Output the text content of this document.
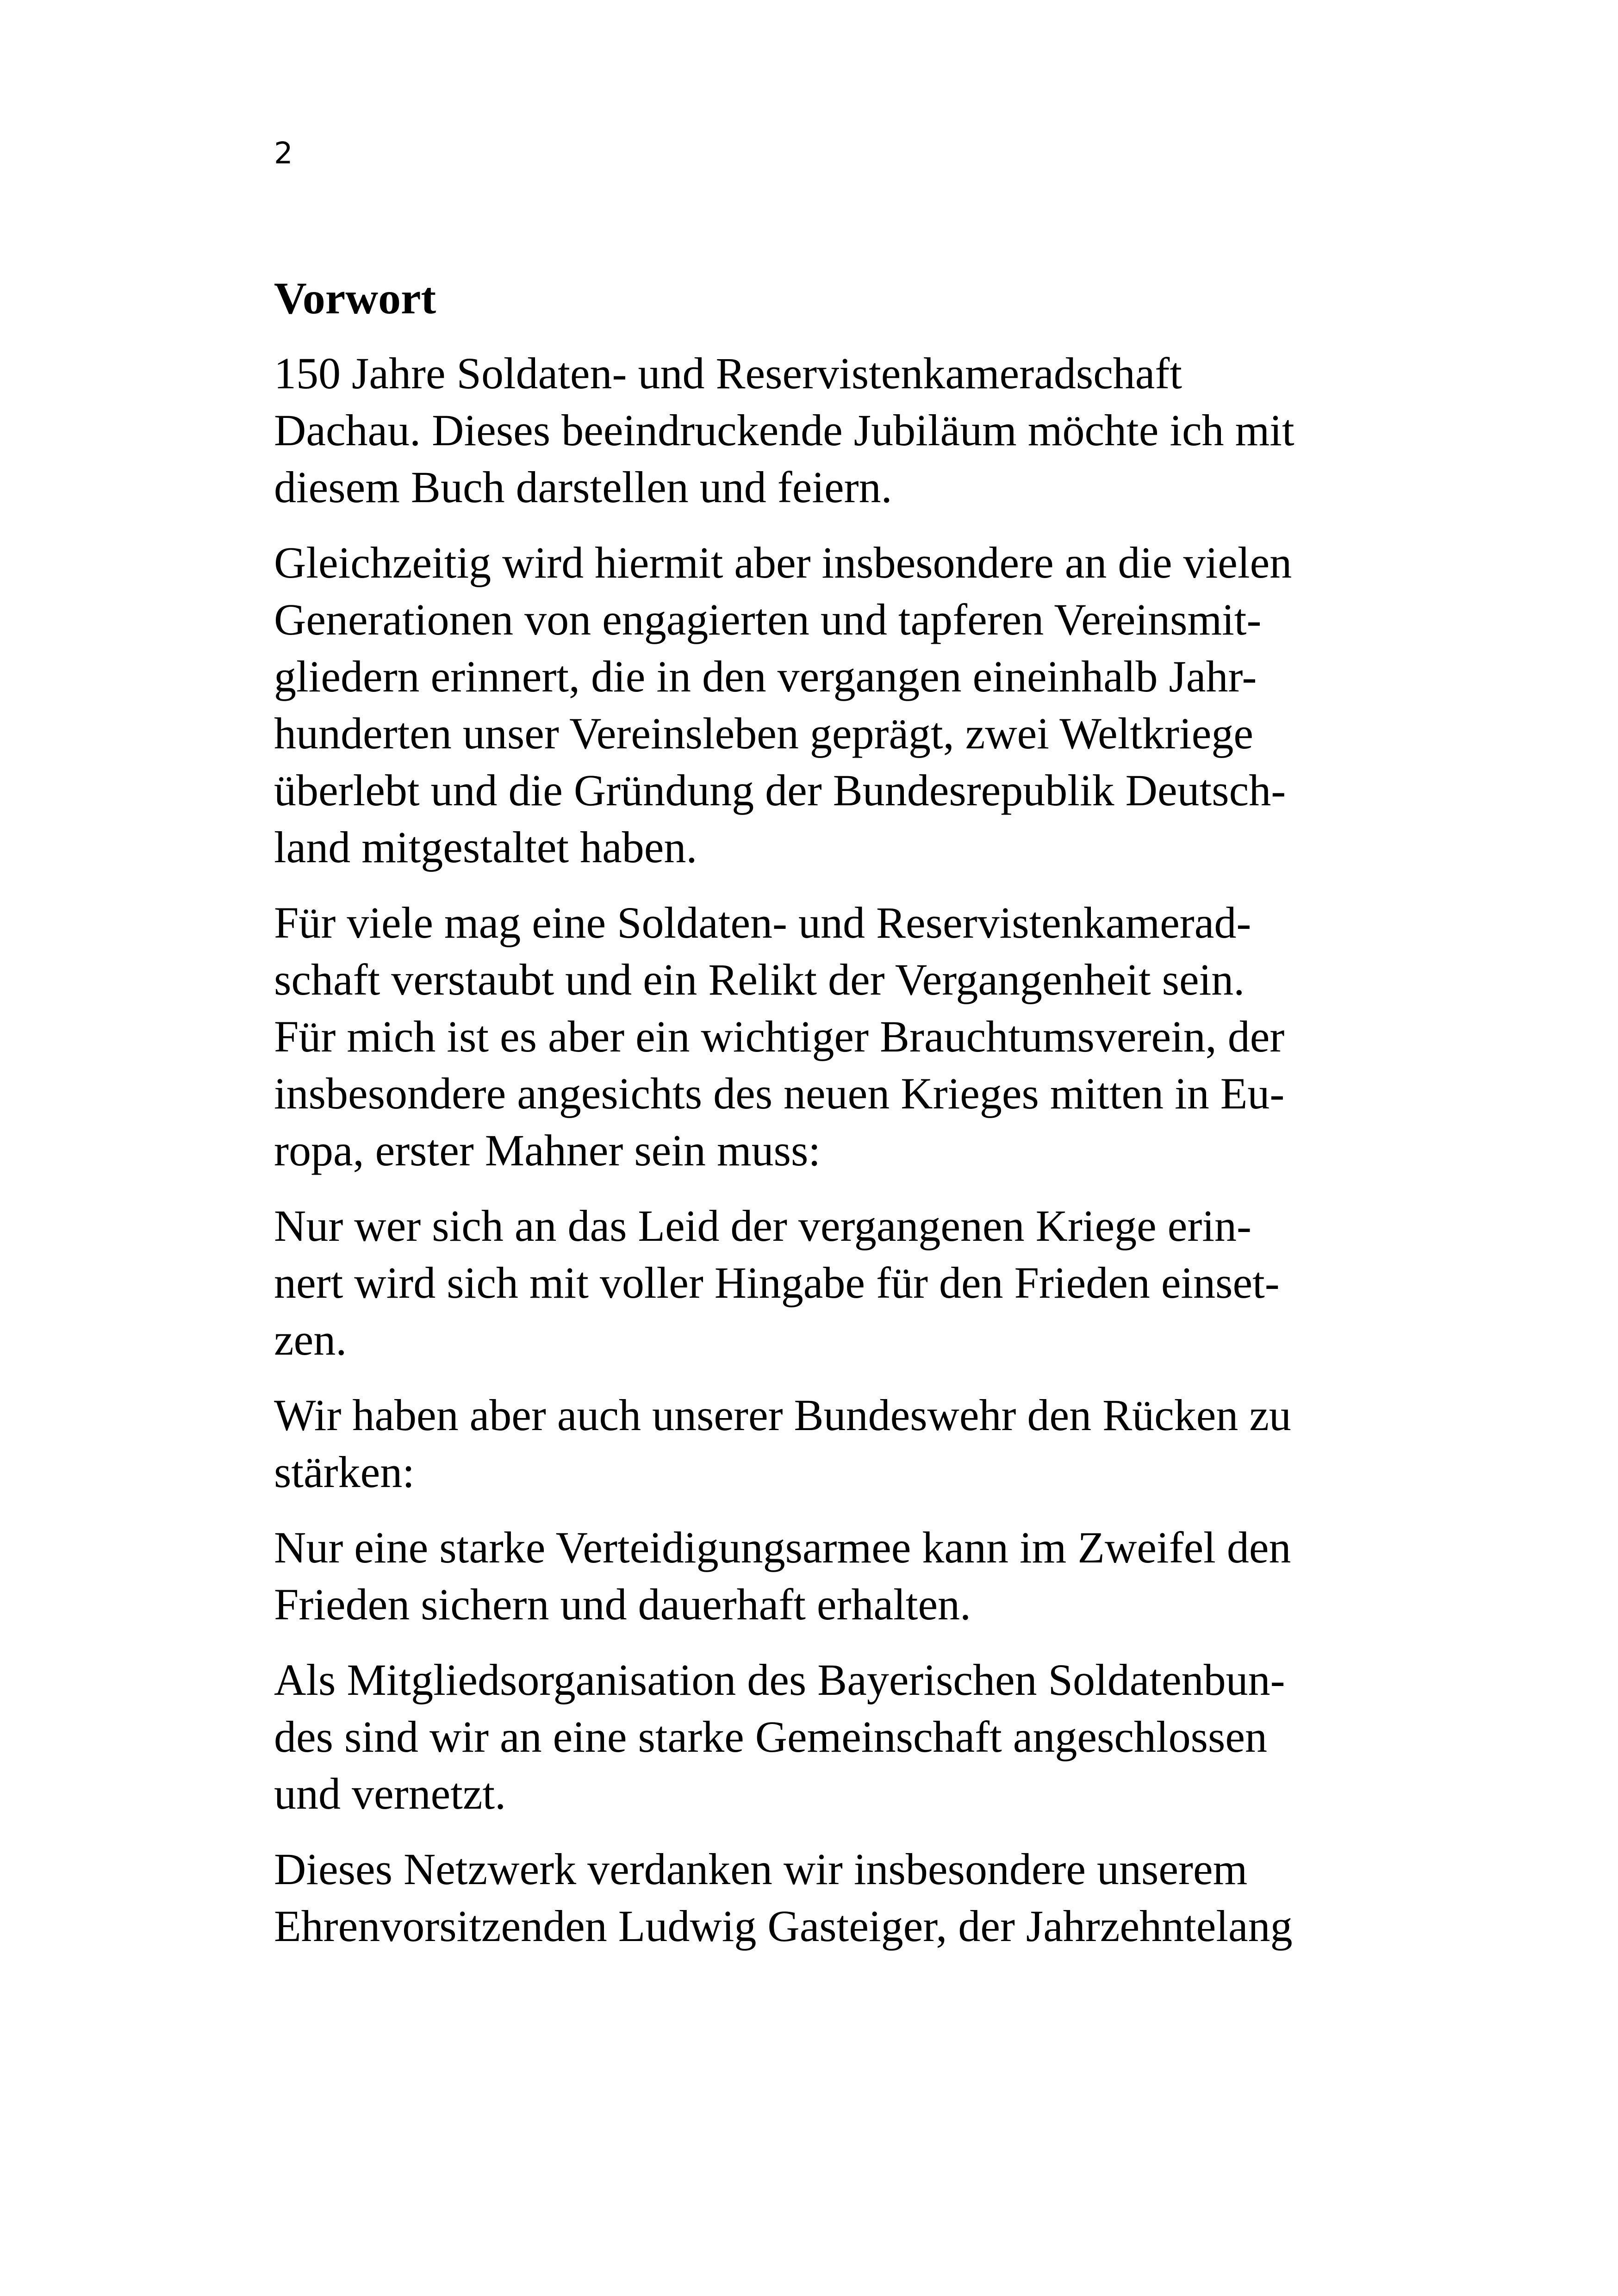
2
Vorwort
150 Jahre Soldaten- und Reservistenkameradschaft
Dachau. Dieses beeindruckende Jubiläum möchte ich mit
diesem Buch darstellen und feiern.
Gleichzeitig wird hiermit aber insbesondere an die vielen
Generationen von engagierten und tapferen Vereinsmit-
gliedern erinnert, die in den vergangen eineinhalb Jahr-
hunderten unser Vereinsleben geprägt, zwei Weltkriege
überlebt und die Gründung der Bundesrepublik Deutsch-
land mitgestaltet haben.
Für viele mag eine Soldaten- und Reservistenkamerad-
schaft verstaubt und ein Relikt der Vergangenheit sein.
Für mich ist es aber ein wichtiger Brauchtumsverein, der
insbesondere angesichts des neuen Krieges mitten in Eu-
ropa, erster Mahner sein muss:
Nur wer sich an das Leid der vergangenen Kriege erin-
nert wird sich mit voller Hingabe für den Frieden einset-
zen.
Wir haben aber auch unserer Bundeswehr den Rücken zu
stärken:
Nur eine starke Verteidigungsarmee kann im Zweifel den
Frieden sichern und dauerhaft erhalten.
Als Mitgliedsorganisation des Bayerischen Soldatenbun-
des sind wir an eine starke Gemeinschaft angeschlossen
und vernetzt.
Dieses Netzwerk verdanken wir insbesondere unserem
Ehrenvorsitzenden Ludwig Gasteiger, der Jahrzehntelang
